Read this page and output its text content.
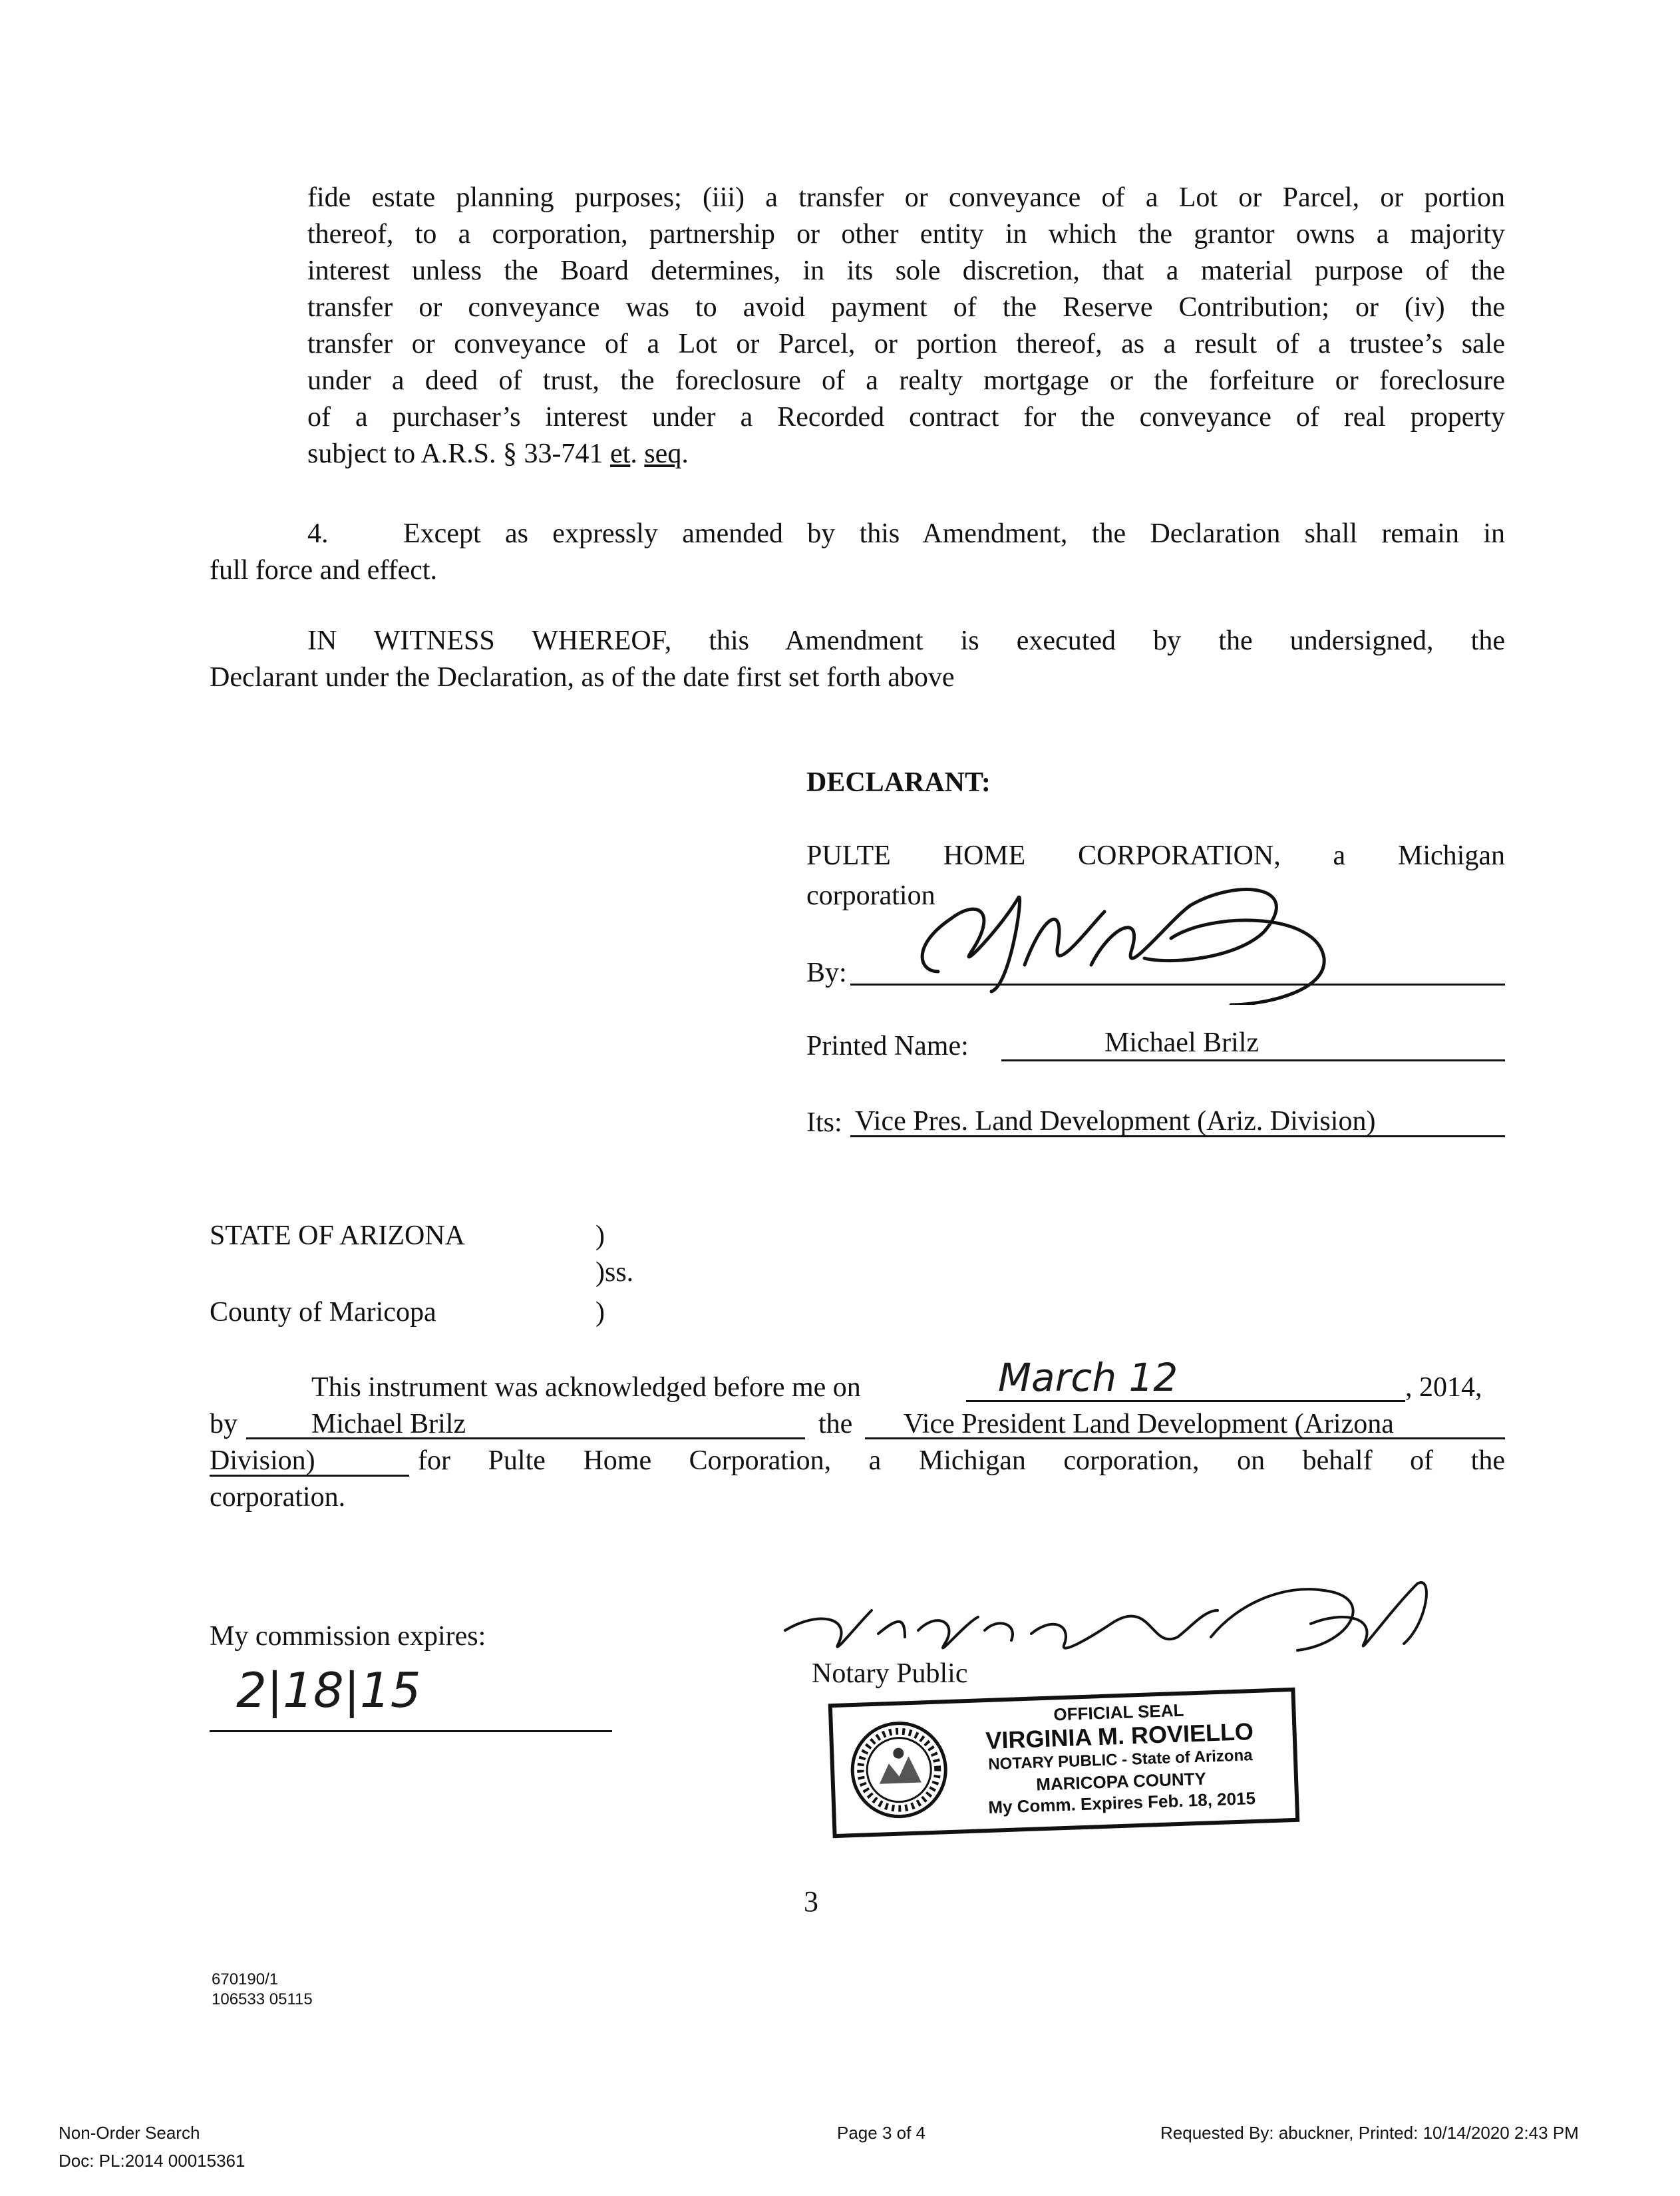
fide estate planning purposes; (iii) a transfer or conveyance of a Lot or Parcel, or portion
thereof, to a corporation, partnership or other entity in which the grantor owns a majority
interest unless the Board determines, in its sole discretion, that a material purpose of the
transfer or conveyance was to avoid payment of the Reserve Contribution; or (iv) the
transfer or conveyance of a Lot or Parcel, or portion thereof, as a result of a trustee’s sale
under a deed of trust, the foreclosure of a realty mortgage or the forfeiture or foreclosure
of a purchaser’s interest under a Recorded contract for the conveyance of real property
subject to A.R.S. § 33-741 et. seq.
4.	Except as expressly amended by this Amendment, the Declaration shall remain in
full force and effect.
IN WITNESS WHEREOF, this Amendment is executed by the undersigned, the
Declarant under the Declaration, as of the date first set forth above
DECLARANT:
PULTE HOME CORPORATION, a Michigan
corporation
By:
Printed Name:	Michael Brilz
Its: Vice Pres. Land Development (Ariz. Division)
STATE OF ARIZONA	)
)ss.
County of Maricopa	)
This instrument was acknowledged before me on	March 12	, 2014,
by	Michael Brilz	the Vice President Land Development (Arizona
Division)	for Pulte Home Corporation, a Michigan corporation, on behalf of the
corporation.
My commission expires:
2|18|15	Notary Public
OFFICIAL SEAL
VIRGINIA M. ROVIELLO
NOTARY PUBLIC - State of Arizona
MARICOPA COUNTY
My Comm. Expires Feb. 18, 2015
3
670190/1
106533 05115
Non-Order Search
Doc: PL:2014 00015361
Page 3 of 4	Requested By: abuckner, Printed: 10/14/2020 2:43 PM
